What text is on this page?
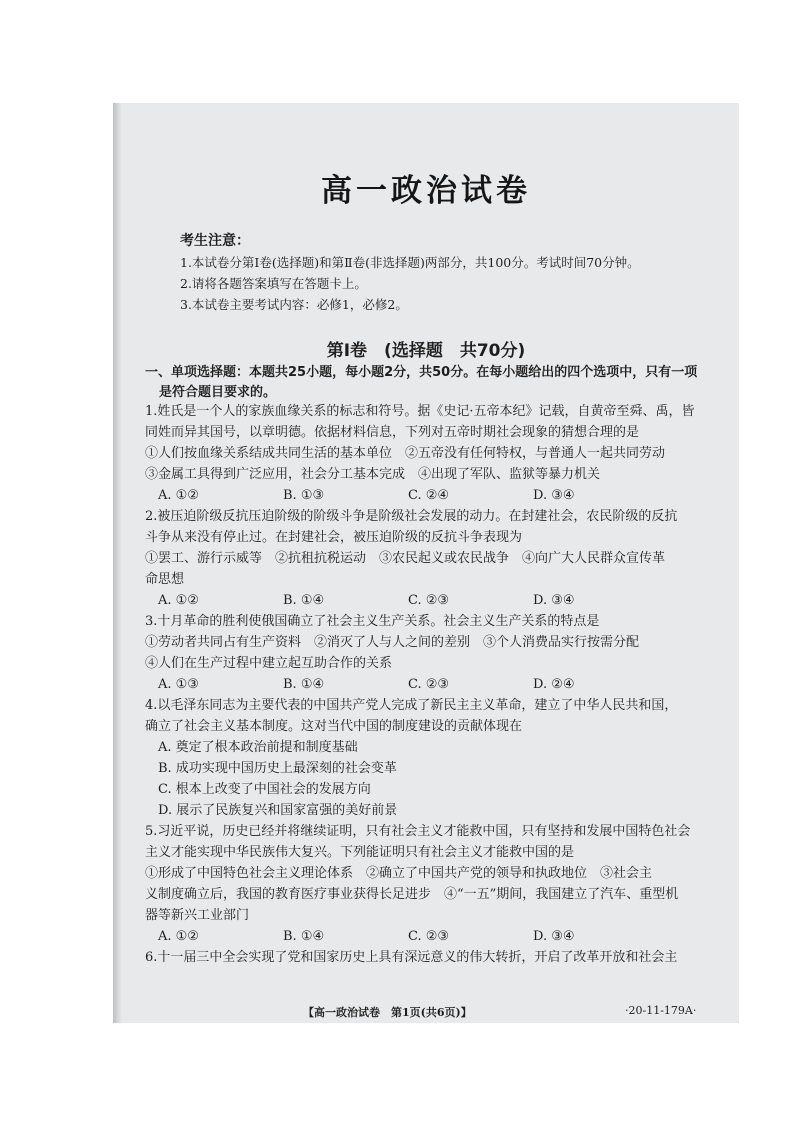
高一政治试卷
考生注意：
1.本试卷分第Ⅰ卷(选择题)和第Ⅱ卷(非选择题)两部分，共100分。考试时间70分钟。
2.请将各题答案填写在答题卡上。
3.本试卷主要考试内容：必修1，必修2。
第Ⅰ卷　(选择题　共70分)
一、单项选择题：本题共25小题，每小题2分，共50分。在每小题给出的四个选项中，只有一项
是符合题目要求的。
1.姓氏是一个人的家族血缘关系的标志和符号。据《史记·五帝本纪》记载，自黄帝至舜、禹，皆
同姓而异其国号，以章明德。依据材料信息，下列对五帝时期社会现象的猜想合理的是
①人们按血缘关系结成共同生活的基本单位　②五帝没有任何特权，与普通人一起共同劳动
③金属工具得到广泛应用，社会分工基本完成　④出现了军队、监狱等暴力机关
A. ①②	B. ①③	C. ②④	D. ③④
2.被压迫阶级反抗压迫阶级的阶级斗争是阶级社会发展的动力。在封建社会，农民阶级的反抗
斗争从来没有停止过。在封建社会，被压迫阶级的反抗斗争表现为
①罢工、游行示威等　②抗租抗税运动　③农民起义或农民战争　④向广大人民群众宣传革
命思想
A. ①②	B. ①④	C. ②③	D. ③④
3.十月革命的胜利使俄国确立了社会主义生产关系。社会主义生产关系的特点是
①劳动者共同占有生产资料　②消灭了人与人之间的差别　③个人消费品实行按需分配
④人们在生产过程中建立起互助合作的关系
A. ①③	B. ①④	C. ②③	D. ②④
4.以毛泽东同志为主要代表的中国共产党人完成了新民主主义革命，建立了中华人民共和国，
确立了社会主义基本制度。这对当代中国的制度建设的贡献体现在
A. 奠定了根本政治前提和制度基础
B. 成功实现中国历史上最深刻的社会变革
C. 根本上改变了中国社会的发展方向
D. 展示了民族复兴和国家富强的美好前景
5.习近平说，历史已经并将继续证明，只有社会主义才能救中国，只有坚持和发展中国特色社会
主义才能实现中华民族伟大复兴。下列能证明只有社会主义才能救中国的是
①形成了中国特色社会主义理论体系　②确立了中国共产党的领导和执政地位　③社会主
义制度确立后，我国的教育医疗事业获得长足进步　④“一五”期间，我国建立了汽车、重型机
器等新兴工业部门
A. ①②	B. ①④	C. ②③	D. ③④
6.十一届三中全会实现了党和国家历史上具有深远意义的伟大转折，开启了改革开放和社会主
【高一政治试卷　第1页(共6页)】	·20-11-179A·
